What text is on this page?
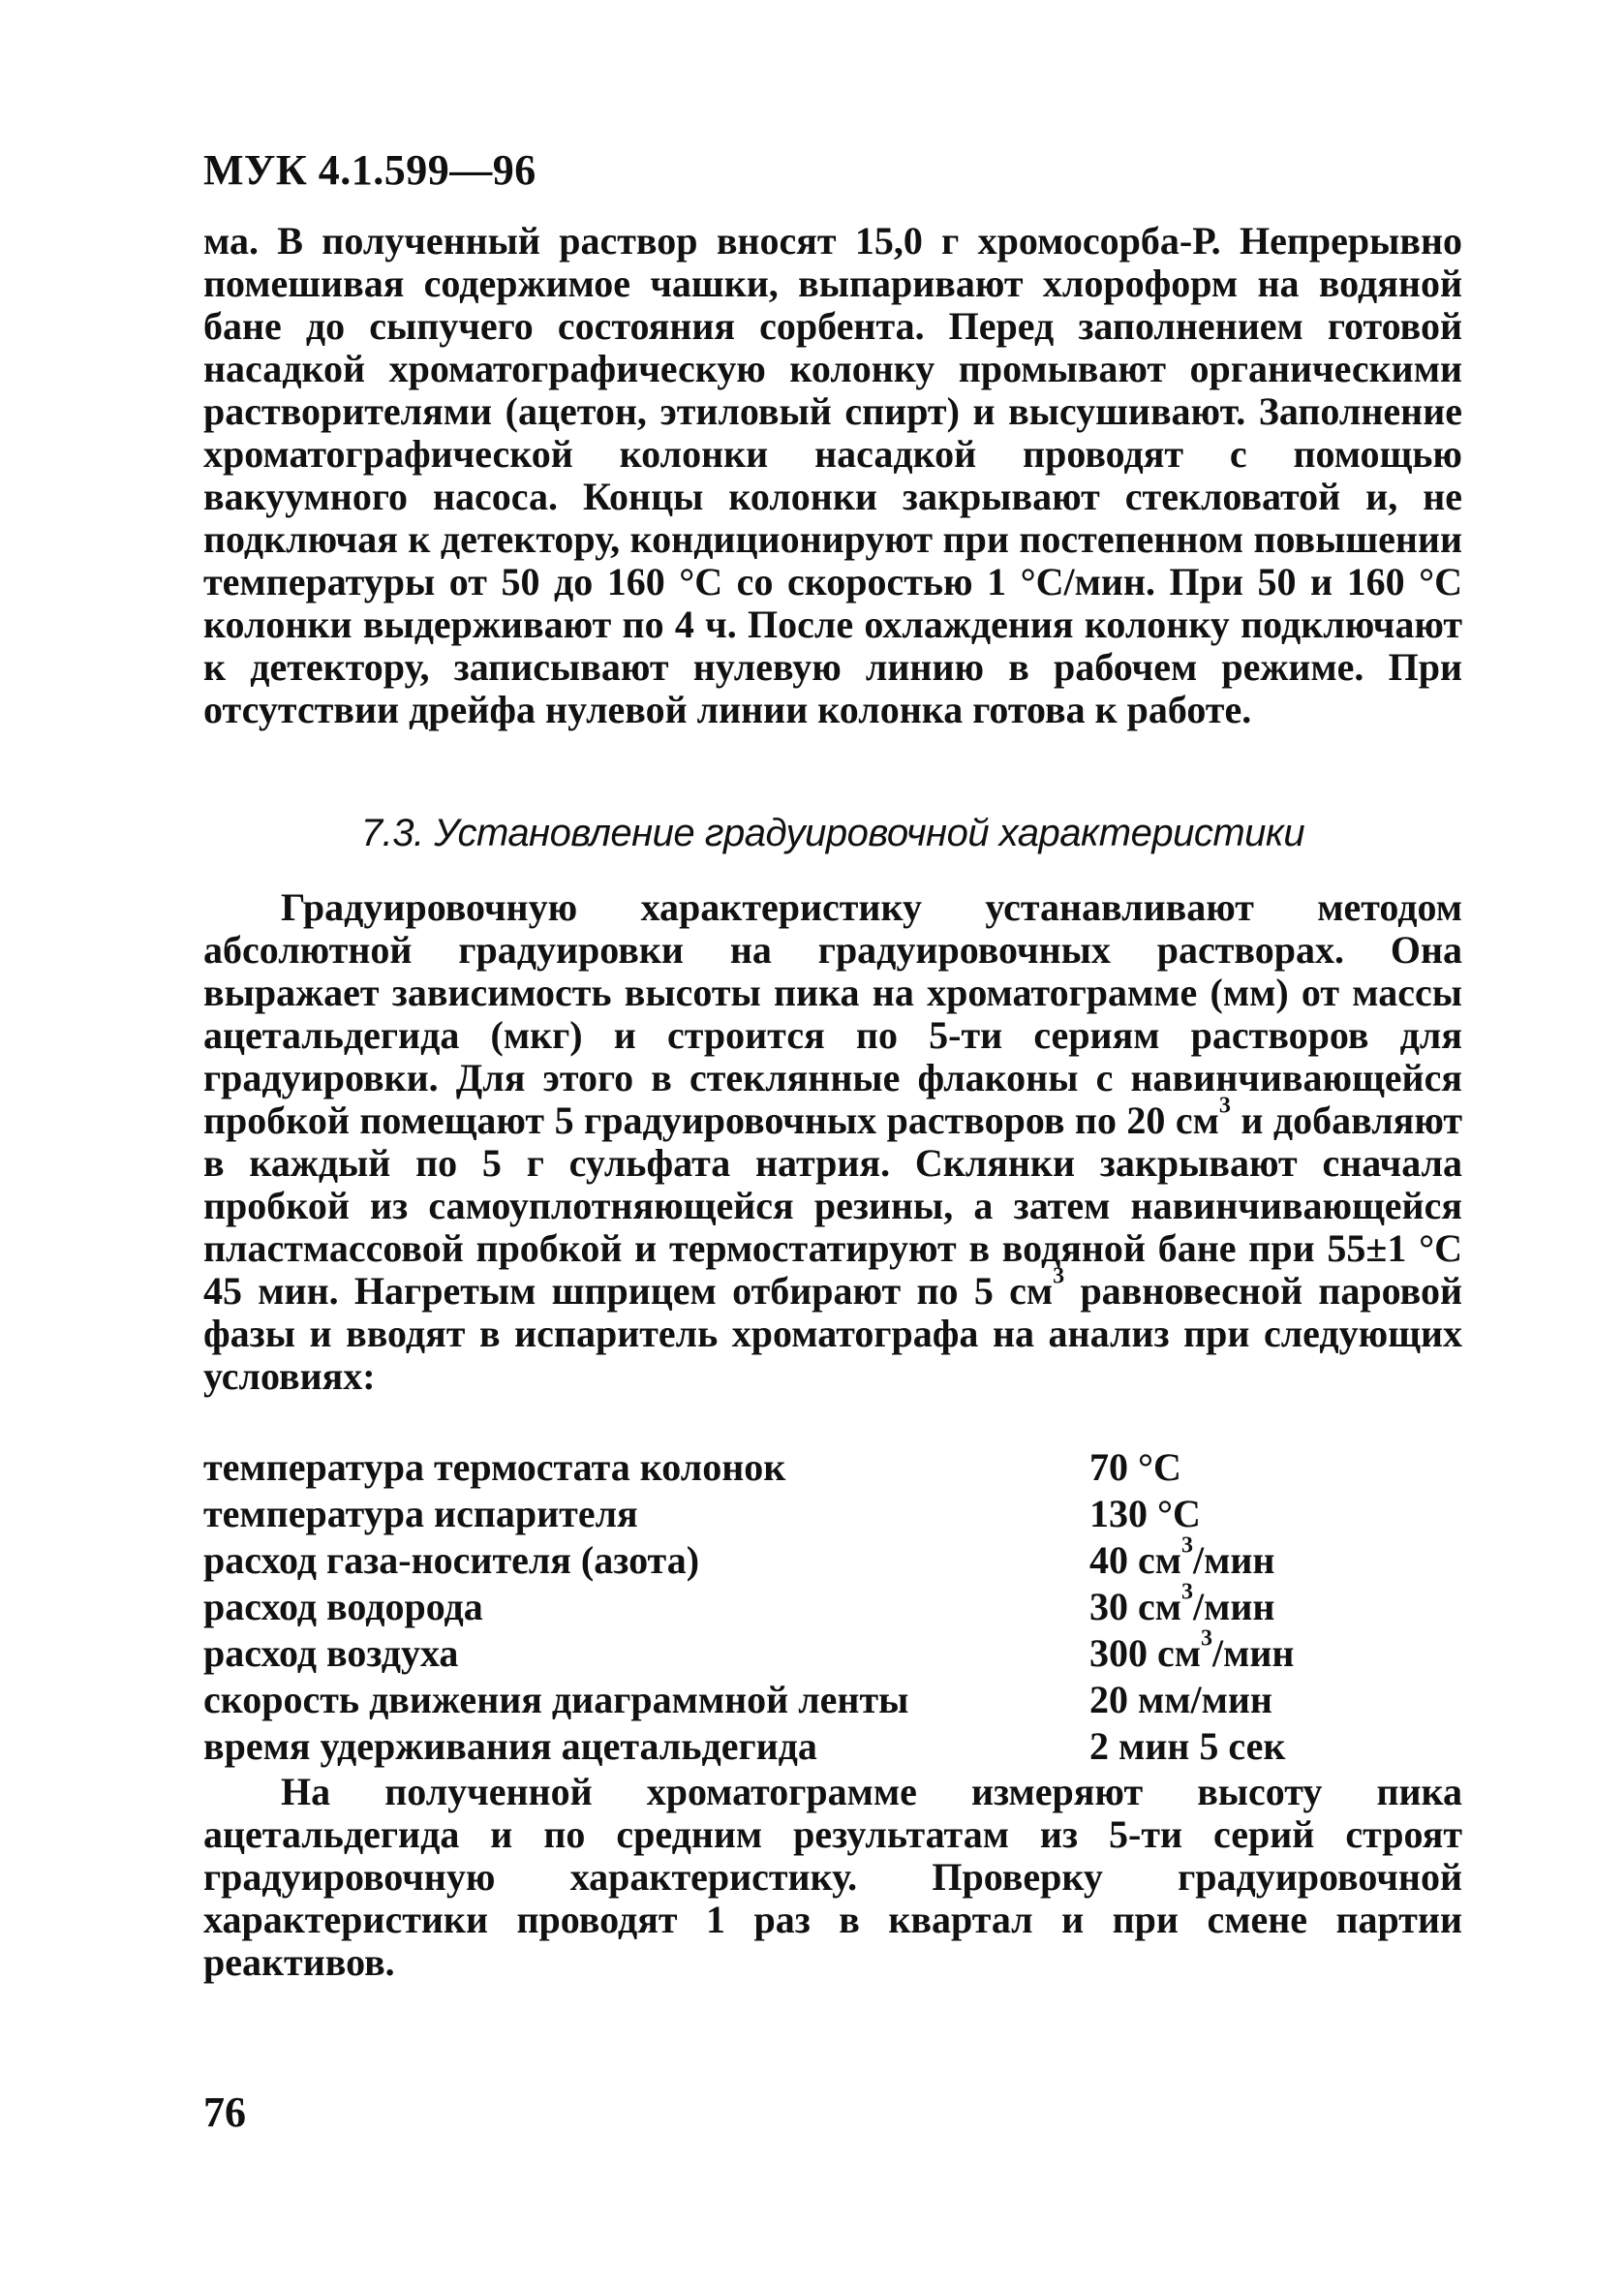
МУК 4.1.599—96
ма. В полученный раствор вносят 15,0 г хромосорба-Р. Непрерывно помешивая содержимое чашки, выпаривают хлороформ на водяной бане до сыпучего состояния сорбента. Перед заполнением готовой насадкой хроматографическую колонку промывают органическими растворителями (ацетон, этиловый спирт) и высушивают. Заполнение хроматографической колонки насадкой проводят с помощью вакуумного насоса. Концы колонки закрывают стекловатой и, не подключая к детектору, кондиционируют при постепенном повышении температуры от 50 до 160 °С со скоростью 1 °С/мин. При 50 и 160 °С колонки выдерживают по 4 ч. После охлаждения колонку подключают к детектору, записывают нулевую линию в рабочем режиме. При отсутствии дрейфа нулевой линии колонка готова к работе.
7.3. Установление градуировочной характеристики
Градуировочную характеристику устанавливают методом абсолютной градуировки на градуировочных растворах. Она выражает зависимость высоты пика на хроматограмме (мм) от массы ацетальдегида (мкг) и строится по 5-ти сериям растворов для градуировки. Для этого в стеклянные флаконы с навинчивающейся пробкой помещают 5 градуировочных растворов по 20 $см^3$ и добавляют в каждый по 5 г сульфата натрия. Склянки закрывают сначала пробкой из самоуплотняющейся резины, а затем навинчивающейся пластмассовой пробкой и термостатируют в водяной бане при 55±1 °С 45 мин. Нагретым шприцем отбирают по 5 $см^3$ равновесной паровой фазы и вводят в испаритель хроматографа на анализ при следующих условиях:
температура термостата колонок	70 °С
температура испарителя	130 °С
расход газа-носителя (азота)	40 $см^3$/мин
расход водорода	30 $см^3$/мин
расход воздуха	300 $см^3$/мин
скорость движения диаграммной ленты	20 мм/мин
время удерживания ацетальдегида	2 мин 5 сек
На полученной хроматограмме измеряют высоту пика ацетальдегида и по средним результатам из 5-ти серий строят градуировочную характеристику. Проверку градуировочной характеристики проводят 1 раз в квартал и при смене партии реактивов.
76
